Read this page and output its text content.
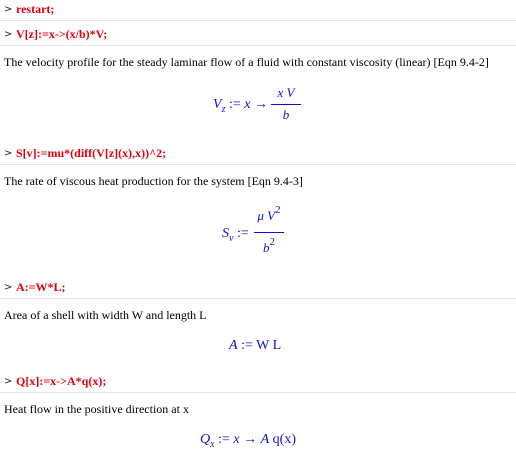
> restart;
> V[z]:=x->(x/b)*V;
The velocity profile for the steady laminar flow of a fluid with constant viscosity (linear) [Eqn 9.4-2]
$V_z$ := x →
x V
b
> S[v]:=mu*(diff(V[z](x),x))^2;
The rate of viscous heat production for the system [Eqn 9.4-3]
$S_v$ :=
μ $V^2$
$b^2$
> A:=W*L;
Area of a shell with width W and length L
A := W L
> Q[x]:=x->A*q(x);
Heat flow in the positive direction at x
$Q_x$ := x → A q(x)
